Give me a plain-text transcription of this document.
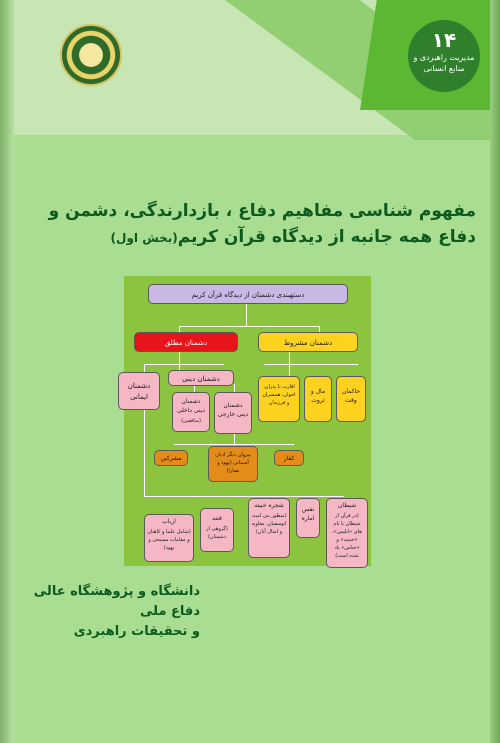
۱۴
مدیریت راهبردی و منابع انسانی
مفهوم شناسی مفاهیم دفاع ، بازدارندگی، دشمن و
دفاع همه جانبه از دیدگاه قرآن کریم(بخش اول)
دستهبندی دشمنان از دیدگاه قرآن کریم
دشمنان مطلق	دشمنان مشروط
دشمنان دینی
دشمنان ایمانی
دشمنان دینی داخلی
(منافقین)
دشمنان دینی خارجی
حاکمان وقت
مال و ثروت
اقارب یا پدران، اخوان، همسران و فرزندان
مشرکین	پیروان دیگر ادیان آسمانی (یهود و نصارا)
کفار
شیطان
(در قرآن از شیطان با نام های «ابلیس»، «خبیث» و «خناس» یاد شده است)
نفس اماره
شجره خبیثه
(منظور بنی امیه، ابوسفیان، معاویه و امثال آنان)
فتنه
(گروهی از دشمنان)
ارباب
(شامل علما و کاهنان و مقامات مسیحی و یهود)
دانشگاه و پژوهشگاه عالی دفاع ملی
و تحقیقات راهبردی
